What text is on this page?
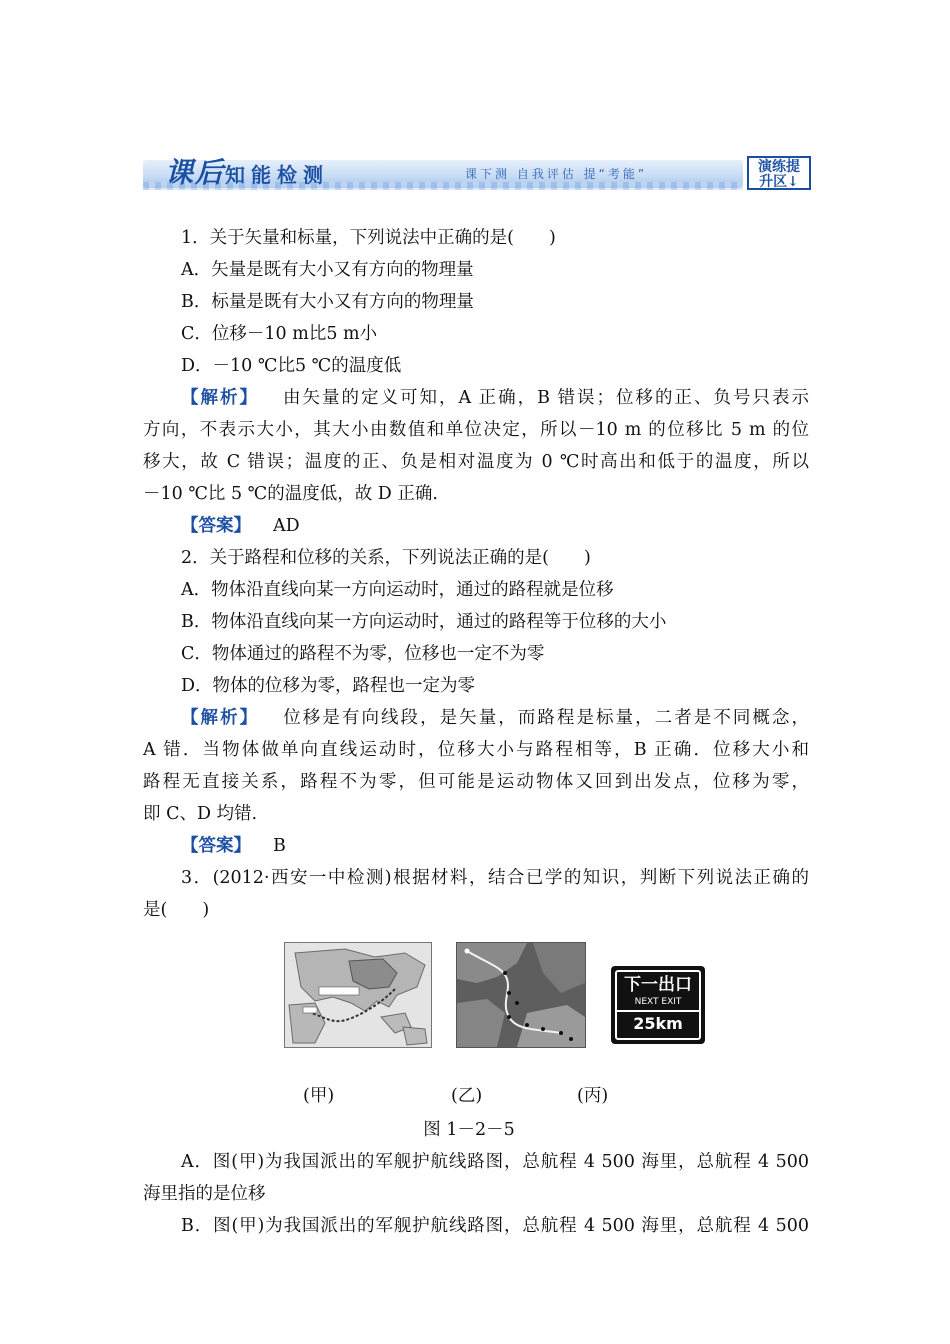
课后知能检测	课下测 自我评估 提“考能”	演练提
升区↓

1．关于矢量和标量，下列说法中正确的是(　　)

A．矢量是既有大小又有方向的物理量

B．标量是既有大小又有方向的物理量

C．位移－10 m比5 m小

D．－10 ℃比5 ℃的温度低

【解析】 由矢量的定义可知，A 正确，B 错误；位移的正、负号只表示

方向，不表示大小，其大小由数值和单位决定，所以－10 m 的位移比 5 m 的位

移大，故 C 错误；温度的正、负是相对温度为 0 ℃时高出和低于的温度，所以

－10 ℃比 5 ℃的温度低，故 D 正确.

【答案】 AD

2．关于路程和位移的关系，下列说法正确的是(　　)

A．物体沿直线向某一方向运动时，通过的路程就是位移

B．物体沿直线向某一方向运动时，通过的路程等于位移的大小

C．物体通过的路程不为零，位移也一定不为零

D．物体的位移为零，路程也一定为零

【解析】 位移是有向线段，是矢量，而路程是标量，二者是不同概念，

A 错．当物体做单向直线运动时，位移大小与路程相等，B 正确．位移大小和

路程无直接关系，路程不为零，但可能是运动物体又回到出发点，位移为零，

即 C、D 均错.

【答案】 B

3．(2012·西安一中检测)根据材料，结合已学的知识，判断下列说法正确的

是(　　)

下一出口
NEXT EXIT
25km
(甲)	(乙)	(丙)

图 1－2－5

A．图(甲)为我国派出的军舰护航线路图，总航程 4 500 海里，总航程 4 500

海里指的是位移

B．图(甲)为我国派出的军舰护航线路图，总航程 4 500 海里，总航程 4 500
